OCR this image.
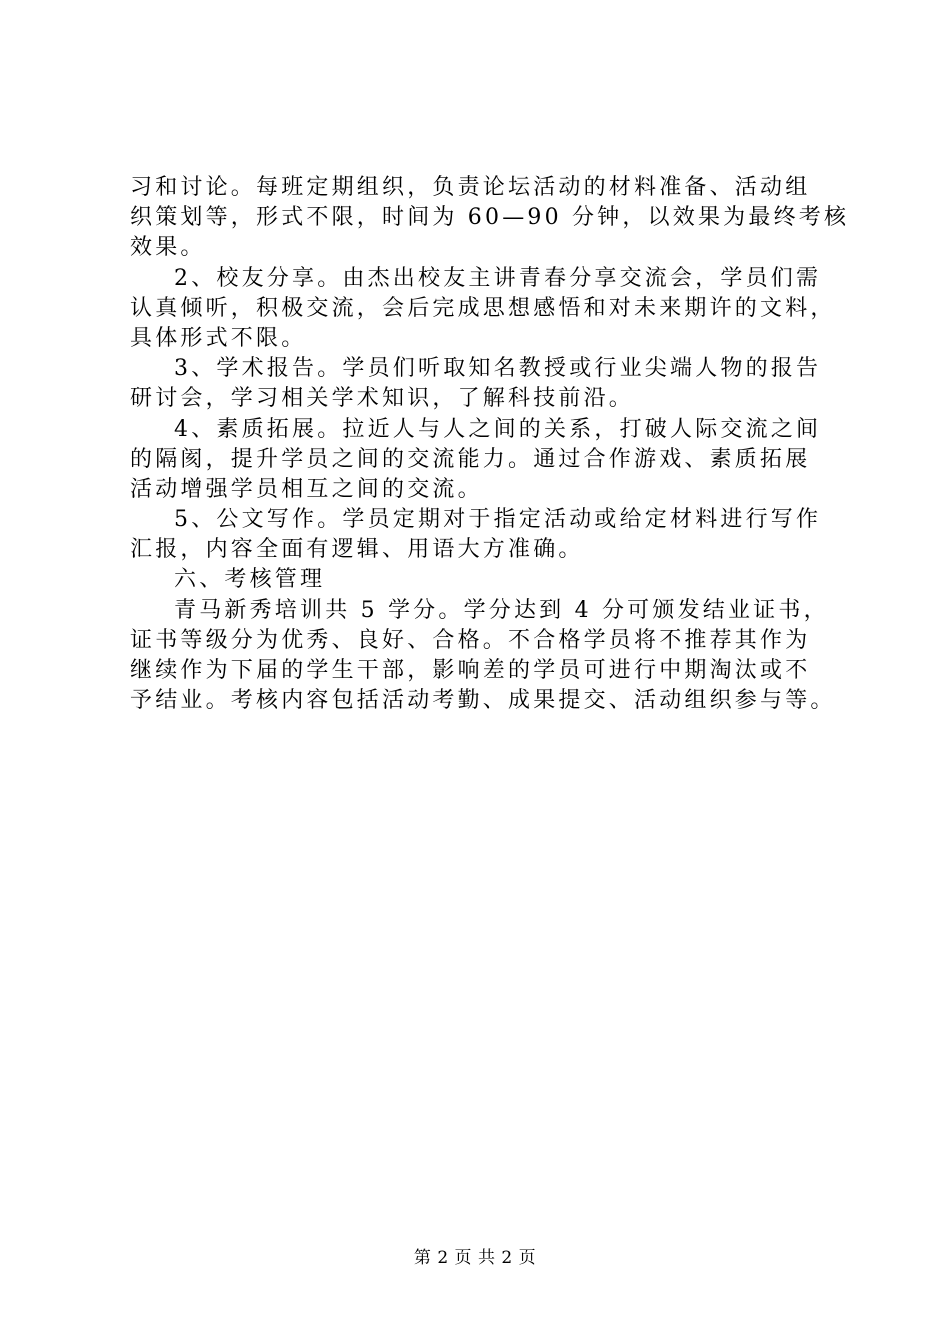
习和讨论。每班定期组织，负责论坛活动的材料准备、活动组
织策划等，形式不限，时间为 60—90 分钟，以效果为最终考核
效果。
2、校友分享。由杰出校友主讲青春分享交流会，学员们需
认真倾听，积极交流，会后完成思想感悟和对未来期许的文料，
具体形式不限。
3、学术报告。学员们听取知名教授或行业尖端人物的报告
研讨会，学习相关学术知识，了解科技前沿。
4、素质拓展。拉近人与人之间的关系，打破人际交流之间
的隔阂，提升学员之间的交流能力。通过合作游戏、素质拓展
活动增强学员相互之间的交流。
5、公文写作。学员定期对于指定活动或给定材料进行写作
汇报，内容全面有逻辑、用语大方准确。
六、考核管理
青马新秀培训共 5 学分。学分达到 4 分可颁发结业证书，
证书等级分为优秀、良好、合格。不合格学员将不推荐其作为
继续作为下届的学生干部，影响差的学员可进行中期淘汰或不
予结业。考核内容包括活动考勤、成果提交、活动组织参与等。
第 2 页 共 2 页
